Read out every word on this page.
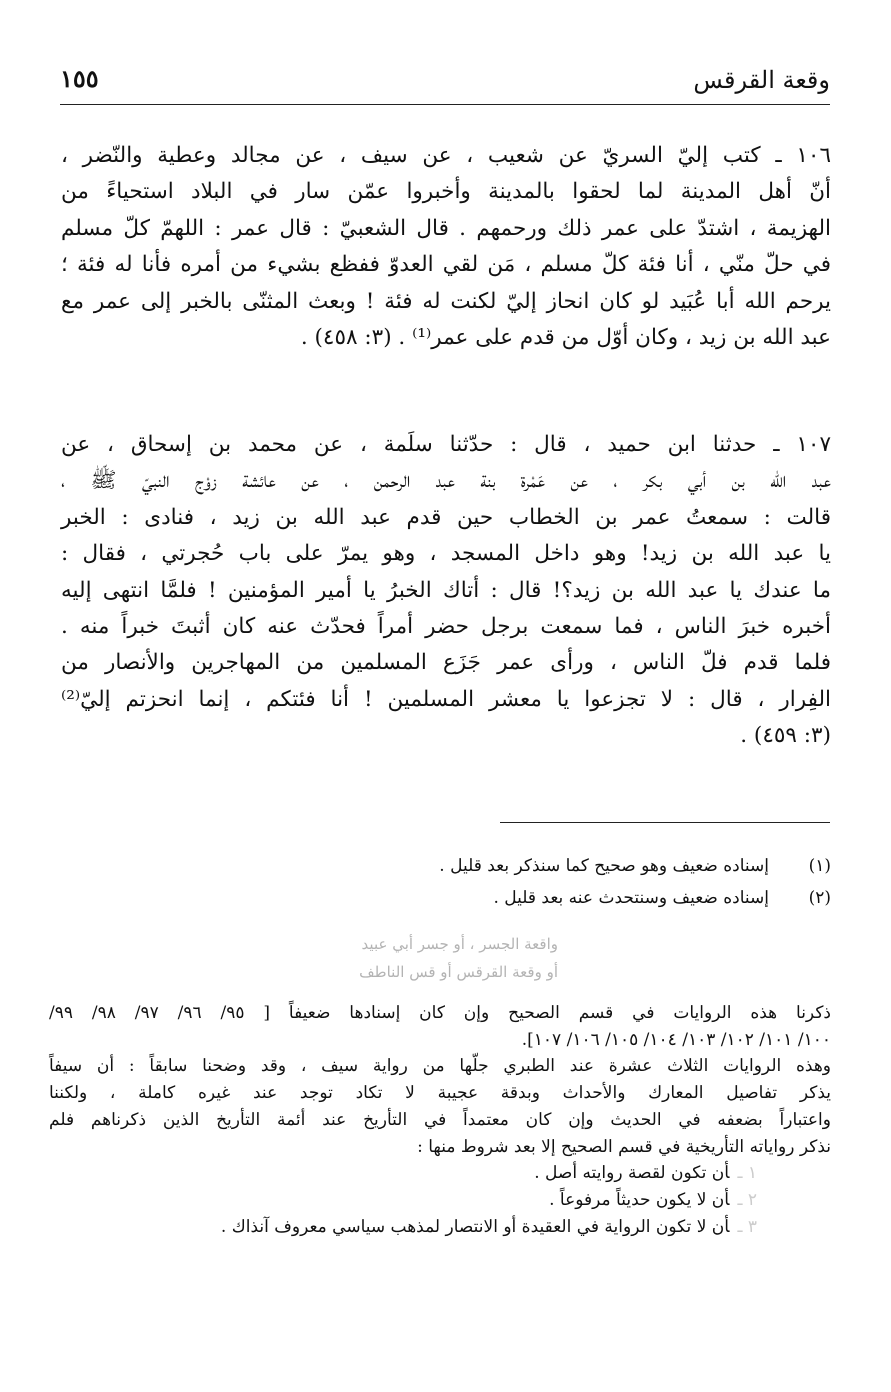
وقعة القرقس
١٥٥

١٠٦ ـ كتب إليّ السريّ عن شعيب ، عن سيف ، عن مجالد وعطية والنّضر ،
أنّ أهل المدينة لما لحقوا بالمدينة وأخبروا عمّن سار في البلاد استحياءً من
الهزيمة ، اشتدّ على عمر ذلك ورحمهم . قال الشعبيّ : قال عمر : اللهمّ كلّ مسلم
في حلّ منّي ، أنا فئة كلّ مسلم ، مَن لقي العدوّ ففظع بشيء من أمره فأنا له فئة ؛
يرحم الله أبا عُبَيد لو كان انحاز إليّ لكنت له فئة ! وبعث المثنّى بالخبر إلى عمر مع
عبد الله بن زيد ، وكان أوّل من قدم على عمر⁽¹⁾ . (٣: ٤٥٨) .

١٠٧ ـ حدثنا ابن حميد ، قال : حدّثنا سلَمة ، عن محمد بن إسحاق ، عن
عبد الله بن أبي بكر ، عن عَمْرة بنة عبد الرحمن ، عن عائشة زوْج النبيّ ﷺ ،
قالت : سمعتُ عمر بن الخطاب حين قدم عبد الله بن زيد ، فنادى : الخبر
يا عبد الله بن زيد! وهو داخل المسجد ، وهو يمرّ على باب حُجرتي ، فقال :
ما عندك يا عبد الله بن زيد؟! قال : أتاك الخبرُ يا أمير المؤمنين ! فلمَّا انتهى إليه
أخبره خبرَ الناس ، فما سمعت برجل حضر أمراً فحدّث عنه كان أثبتَ خبراً منه .
فلما قدم فلّ الناس ، ورأى عمر جَزَع المسلمين من المهاجرين والأنصار من
الفِرار ، قال : لا تجزعوا يا معشر المسلمين ! أنا فئتكم ، إنما انحزتم إليّ⁽²⁾
(٣: ٤٥٩) .

(١)
إسناده ضعيف وهو صحيح كما سنذكر بعد قليل .
(٢)
إسناده ضعيف وسنتحدث عنه بعد قليل .
واقعة الجسر ، أو جسر أبي عبيد
أو وقعة القرقس أو قس الناطف
ذكرنا هذه الروايات في قسم الصحيح وإن كان إسنادها ضعيفاً [ ٩٥/ ٩٦/ ٩٧/ ٩٨/ ٩٩/
١٠٠/ ١٠١/ ١٠٢/ ١٠٣/ ١٠٤/ ١٠٥/ ١٠٦/ ١٠٧].
وهذه الروايات الثلاث عشرة عند الطبري جلّها من رواية سيف ، وقد وضحنا سابقاً : أن سيفاً
يذكر تفاصيل المعارك والأحداث وبدقة عجيبة لا تكاد توجد عند غيره كاملة ، ولكننا
واعتباراً بضعفه في الحديث وإن كان معتمداً في التأريخ عند أئمة التأريخ الذين ذكرناهم فلم
نذكر رواياته التأريخية في قسم الصحيح إلا بعد شروط منها :
١ ـأن تكون لقصة روايته أصل .
٢ ـأن لا يكون حديثاً مرفوعاً .
٣ ـأن لا تكون الرواية في العقيدة أو الانتصار لمذهب سياسي معروف آنذاك .
